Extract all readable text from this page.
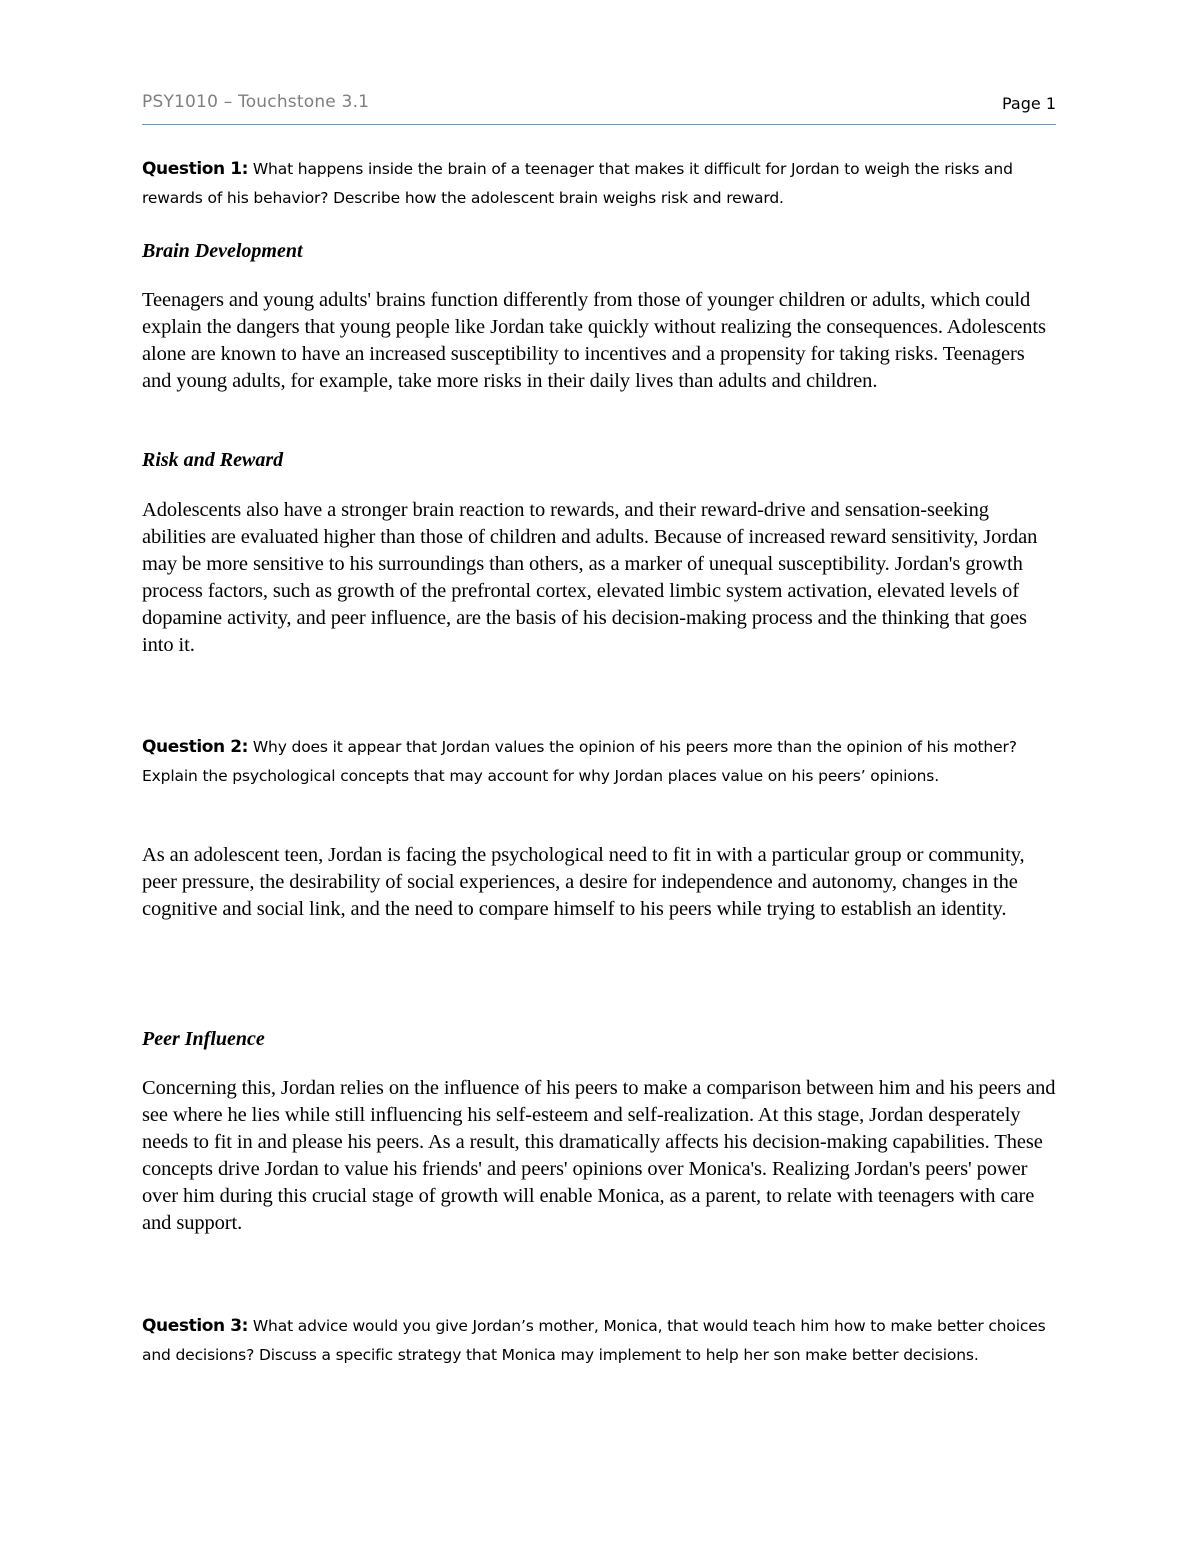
PSY1010 – Touchstone 3.1	Page 1
Question 1: What happens inside the brain of a teenager that makes it difficult for Jordan to weigh the risks and rewards of his behavior? Describe how the adolescent brain weighs risk and reward.
Brain Development
Teenagers and young adults' brains function differently from those of younger children or adults, which could explain the dangers that young people like Jordan take quickly without realizing the consequences. Adolescents alone are known to have an increased susceptibility to incentives and a propensity for taking risks. Teenagers and young adults, for example, take more risks in their daily lives than adults and children.
Risk and Reward
Adolescents also have a stronger brain reaction to rewards, and their reward-drive and sensation-seeking abilities are evaluated higher than those of children and adults. Because of increased reward sensitivity, Jordan may be more sensitive to his surroundings than others, as a marker of unequal susceptibility. Jordan's growth process factors, such as growth of the prefrontal cortex, elevated limbic system activation, elevated levels of dopamine activity, and peer influence, are the basis of his decision-making process and the thinking that goes into it.
Question 2: Why does it appear that Jordan values the opinion of his peers more than the opinion of his mother? Explain the psychological concepts that may account for why Jordan places value on his peers’ opinions.
As an adolescent teen, Jordan is facing the psychological need to fit in with a particular group or community, peer pressure, the desirability of social experiences, a desire for independence and autonomy, changes in the cognitive and social link, and the need to compare himself to his peers while trying to establish an identity.
Peer Influence
Concerning this, Jordan relies on the influence of his peers to make a comparison between him and his peers and see where he lies while still influencing his self-esteem and self-realization. At this stage, Jordan desperately needs to fit in and please his peers. As a result, this dramatically affects his decision-making capabilities. These concepts drive Jordan to value his friends' and peers' opinions over Monica's. Realizing Jordan's peers' power over him during this crucial stage of growth will enable Monica, as a parent, to relate with teenagers with care and support.
Question 3: What advice would you give Jordan’s mother, Monica, that would teach him how to make better choices and decisions? Discuss a specific strategy that Monica may implement to help her son make better decisions.
